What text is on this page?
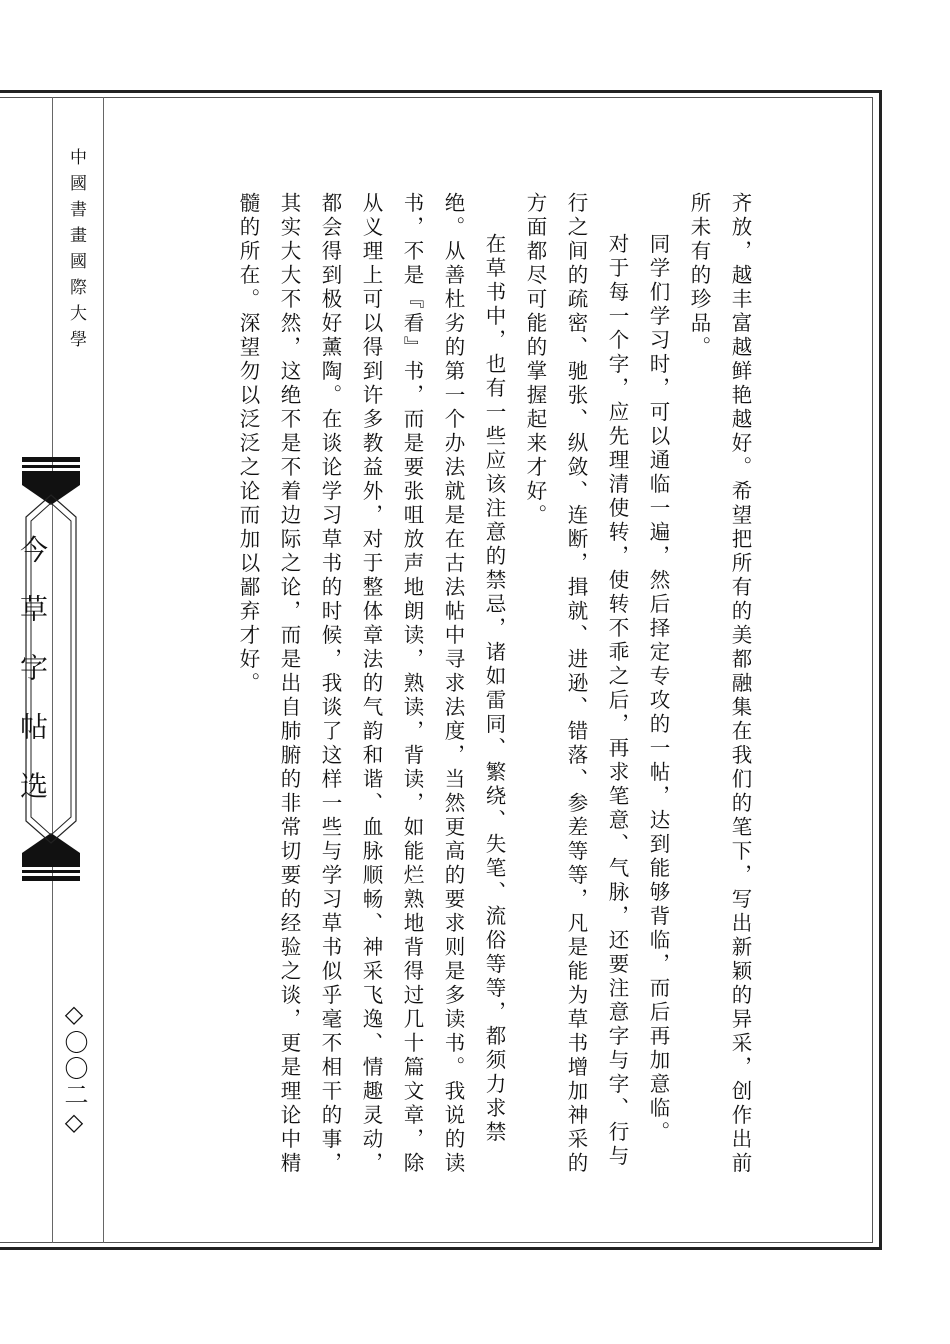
中國書畫國際大學
今草字帖选
◇〇〇二◇	齐放，越丰富越鲜艳越好。希望把所有的美都融集在我们的笔下，写出新颖的异采，创作出前所未有的珍品。

同学们学习时，可以通临一遍，然后择定专攻的一帖，达到能够背临，而后再加意临。

对于每一个字，应先理清使转，使转不乖之后，再求笔意、气脉，还要注意字与字、行与行之间的疏密、驰张、纵敛、连断，揖就、进逊、错落、参差等等，凡是能为草书增加神采的方面都尽可能的掌握起来才好。

在草书中，也有一些应该注意的禁忌，诸如雷同、繁绕、失笔、流俗等等，都须力求禁绝。从善杜劣的第一个办法就是在古法帖中寻求法度，当然更高的要求则是多读书。我说的读书，不是『看』书，而是要张咀放声地朗读，熟读，背读，如能烂熟地背得过几十篇文章，除从义理上可以得到许多教益外，对于整体章法的气韵和谐、血脉顺畅、神采飞逸、情趣灵动，都会得到极好薰陶。在谈论学习草书的时候，我谈了这样一些与学习草书似乎毫不相干的事，其实大大不然，这绝不是不着边际之论，而是出自肺腑的非常切要的经验之谈，更是理论中精髓的所在。深望勿以泛泛之论而加以鄙弃才好。
